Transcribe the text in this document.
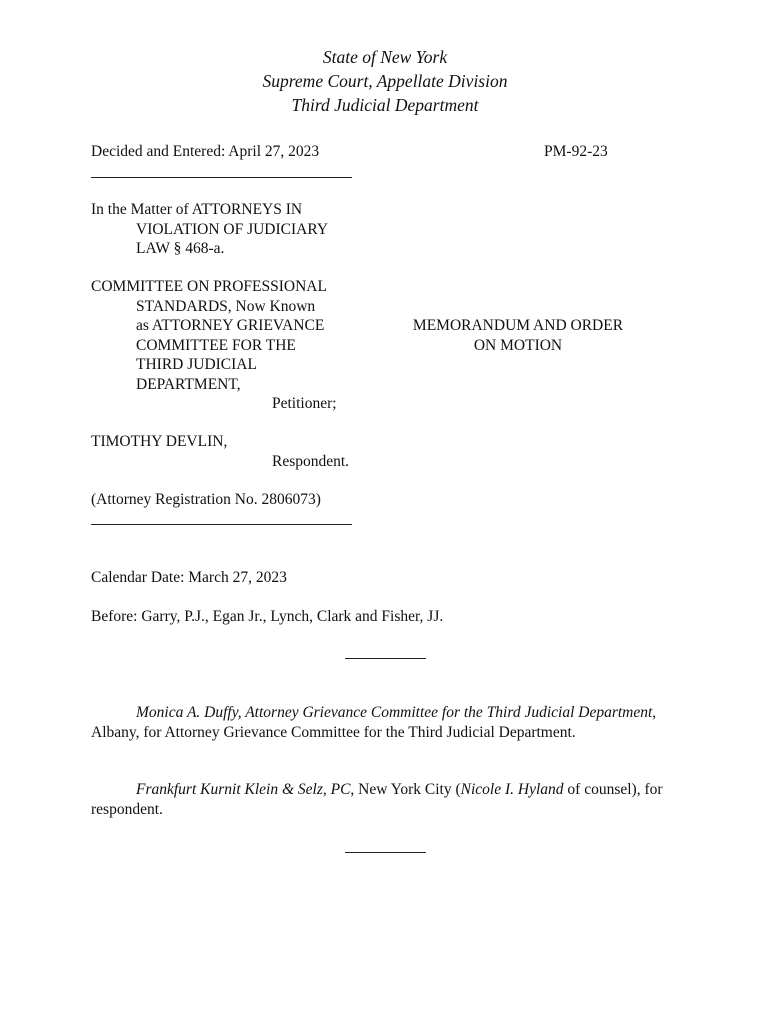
State of New York
Supreme Court, Appellate Division
Third Judicial Department
Decided and Entered: April 27, 2023	PM-92-23
In the Matter of ATTORNEYS IN
VIOLATION OF JUDICIARY
LAW § 468-a.
COMMITTEE ON PROFESSIONAL
STANDARDS, Now Known
as ATTORNEY GRIEVANCE
COMMITTEE FOR THE
THIRD JUDICIAL
DEPARTMENT,
Petitioner;
MEMORANDUM AND ORDER
ON MOTION
TIMOTHY DEVLIN,
Respondent.
(Attorney Registration No. 2806073)
Calendar Date: March 27, 2023
Before: Garry, P.J., Egan Jr., Lynch, Clark and Fisher, JJ.
Monica A. Duffy, Attorney Grievance Committee for the Third Judicial Department, Albany, for Attorney Grievance Committee for the Third Judicial Department.
Frankfurt Kurnit Klein & Selz, PC, New York City (Nicole I. Hyland of counsel), for respondent.
